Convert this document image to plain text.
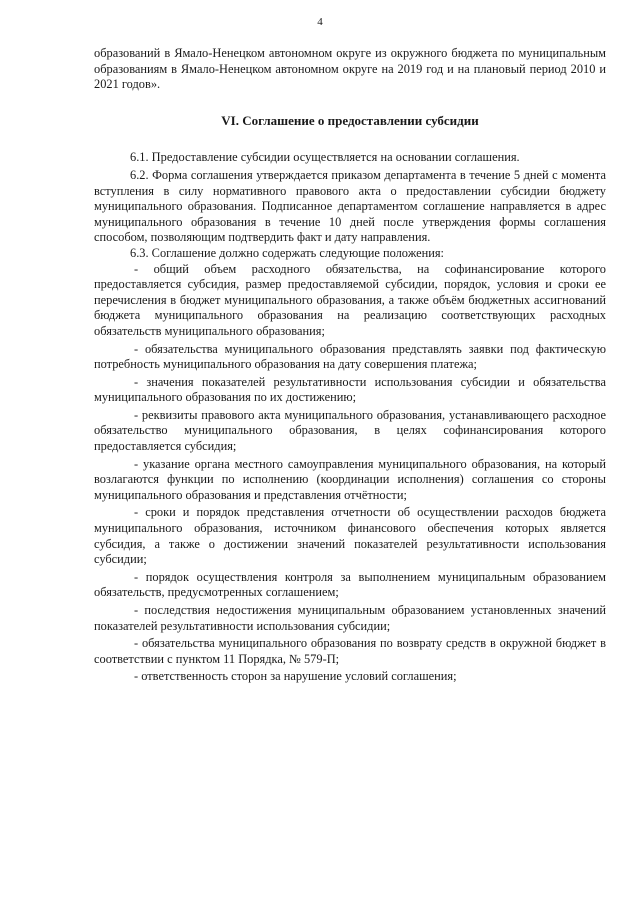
4

образований в Ямало-Ненецком автономном округе из окружного бюджета по муниципальным образованиям в Ямало-Ненецком автономном округе на 2019 год и на плановый период 2010 и 2021 годов».

VI. Соглашение о предоставлении субсидии

6.1. Предоставление субсидии осуществляется на основании соглашения.

6.2. Форма соглашения утверждается приказом департамента в течение 5 дней с момента вступления в силу нормативного правового акта о предоставлении субсидии бюджету муниципального образования. Подписанное департаментом соглашение направляется в адрес муниципального образования в течение 10 дней после утверждения формы соглашения способом, позволяющим подтвердить факт и дату направления.

6.3. Соглашение должно содержать следующие положения:

- общий объем расходного обязательства, на софинансирование которого предоставляется субсидия, размер предоставляемой субсидии, порядок, условия и сроки ее перечисления в бюджет муниципального образования, а также объём бюджетных ассигнований бюджета муниципального образования на реализацию соответствующих расходных обязательств муниципального образования;

- обязательства муниципального образования представлять заявки под фактическую потребность муниципального образования на дату совершения платежа;

- значения показателей результативности использования субсидии и обязательства муниципального образования по их достижению;

- реквизиты правового акта муниципального образования, устанавливающего расходное обязательство муниципального образования, в целях софинансирования которого предоставляется субсидия;

- указание органа местного самоуправления муниципального образования, на который возлагаются функции по исполнению (координации исполнения) соглашения со стороны муниципального образования и представления отчётности;

- сроки и порядок представления отчетности об осуществлении расходов бюджета муниципального образования, источником финансового обеспечения которых является субсидия, а также о достижении значений показателей результативности использования субсидии;

- порядок осуществления контроля за выполнением муниципальным образованием обязательств, предусмотренных соглашением;

- последствия недостижения муниципальным образованием установленных значений показателей результативности использования субсидии;

- обязательства муниципального образования по возврату средств в окружной бюджет в соответствии с пунктом 11 Порядка, № 579-П;

- ответственность сторон за нарушение условий соглашения;
